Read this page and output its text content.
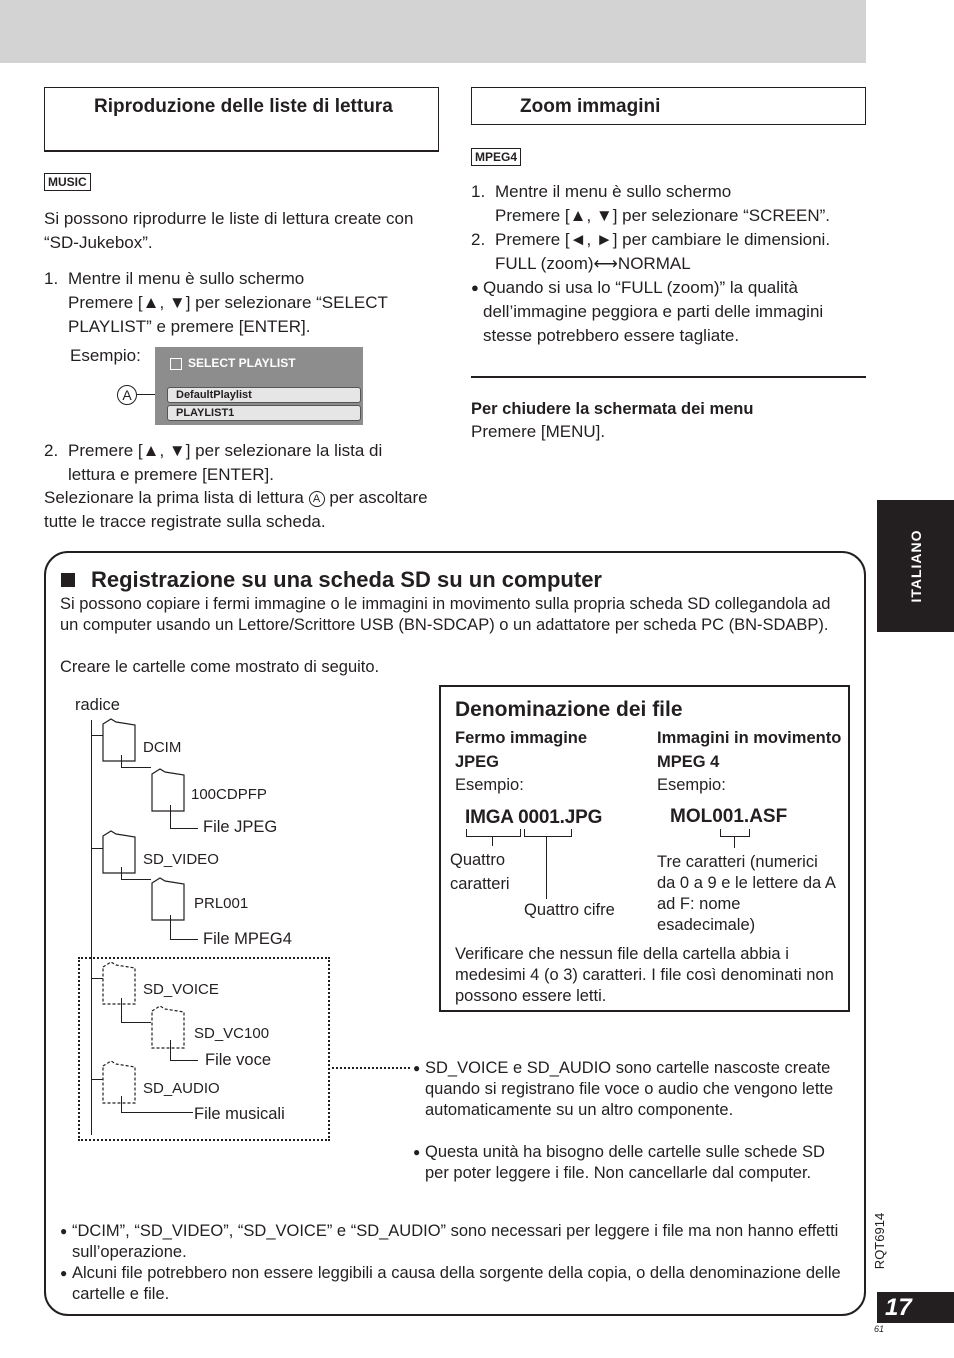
Riproduzione delle liste di lettura
MUSIC
Si possono riprodurre le liste di lettura create con “SD-Jukebox”.
1. Mentre il menu è sullo schermo
Premere [▲, ▼] per selezionare “SELECT PLAYLIST” e premere [ENTER].
Esempio:
A
SELECT PLAYLIST
DefaultPlaylist
PLAYLIST1
2. Premere [▲, ▼] per selezionare la lista di lettura e premere [ENTER].
Selezionare la prima lista di lettura A per ascoltare tutte le tracce registrate sulla scheda.
Zoom immagini
MPEG4
1. Mentre il menu è sullo schermo
Premere [▲, ▼] per selezionare “SCREEN”.
2. Premere [◄, ►] per cambiare le dimensioni.
FULL (zoom)⟷NORMAL
● Quando si usa lo “FULL (zoom)” la qualità dell’immagine peggiora e parti delle immagini stesse potrebbero essere tagliate.
Per chiudere la schermata dei menu
Premere [MENU].
ITALIANO
Registrazione su una scheda SD su un computer
Si possono copiare i fermi immagine o le immagini in movimento sulla propria scheda SD collegandola ad un computer usando un Lettore/Scrittore USB (BN-SDCAP) o un adattatore per scheda PC (BN-SDABP).
Creare le cartelle come mostrato di seguito.
radice
DCIM
100CDPFP
File JPEG
SD_VIDEO
PRL001
File MPEG4
SD_VOICE
SD_VC100
File voce
SD_AUDIO
File musicali
● SD_VOICE e SD_AUDIO sono cartelle nascoste create quando si registrano file voce o audio che vengono lette automaticamente su un altro componente.
● Questa unità ha bisogno delle cartelle sulle schede SD per poter leggere i file. Non cancellarle dal computer.
Denominazione dei file
Fermo immagine JPEG
Esempio:
Immagini in movimento MPEG 4
Esempio:
IMGA 0001.JPG	MOL001.ASF
Quattro caratteri
Quattro cifre
Tre caratteri (numerici da 0 a 9 e le lettere da A ad F: nome esadecimale)
Verificare che nessun file della cartella abbia i medesimi 4 (o 3) caratteri. I file così denominati non possono essere letti.
● “DCIM”, “SD_VIDEO”, “SD_VOICE” e “SD_AUDIO” sono necessari per leggere i file ma non hanno effetti sull’operazione.
● Alcuni file potrebbero non essere leggibili a causa della sorgente della copia, o della denominazione delle cartelle e file.
RQT6914
17
61
